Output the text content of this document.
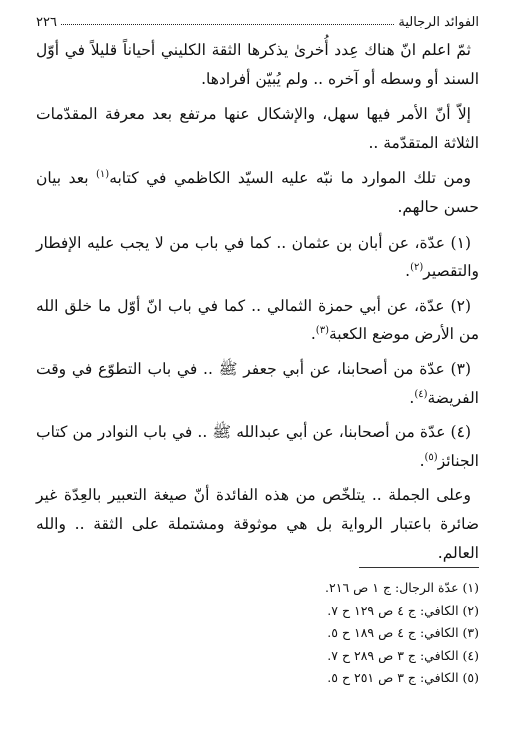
الفوائد الرجالية
٢٢٦

ثمّ اعلم انّ هناك عِدد أُخرىٰ يذكرها الثقة الكليني أحياناً قليلاً في أوّل السند أو وسطه أو آخره .. ولم يُبيّن أفرادها.

إلاّ أنّ الأمر فيها سهل، والإشكال عنها مرتفع بعد معرفة المقدّمات الثلاثة المتقدّمة ..

ومن تلك الموارد ما نبّه عليه السيّد الكاظمي في كتابه$^{(١)}$ بعد بيان حسن حالهم.

(١) عدّة، عن أبان بن عثمان .. كما في باب من لا يجب عليه الإفطار والتقصير$^{(٢)}$.

(٢) عدّة، عن أبي حمزة الثمالي .. كما في باب انّ أوّل ما خلق الله من الأرض موضع الكعبة$^{(٣)}$.

(٣) عدّة من أصحابنا، عن أبي جعفر ﷺ .. في باب التطوّع في وقت الفريضة$^{(٤)}$.

(٤) عدّة من أصحابنا، عن أبي عبدالله ﷺ .. في باب النوادر من كتاب الجنائز$^{(٥)}$.

وعلى الجملة .. يتلخّص من هذه الفائدة أنّ صيغة التعبير بالعِدّة غير ضائرة باعتبار الرواية بل هي موثوقة ومشتملة على الثقة .. والله العالم.

(١) عدّة الرجال: ج ١ ص ٢١٦.
(٢) الكافي: ج ٤ ص ١٢٩ ح ٧.
(٣) الكافي: ج ٤ ص ١٨٩ ح ٥.
(٤) الكافي: ج ٣ ص ٢٨٩ ح ٧.
(٥) الكافي: ج ٣ ص ٢٥١ ح ٥.
